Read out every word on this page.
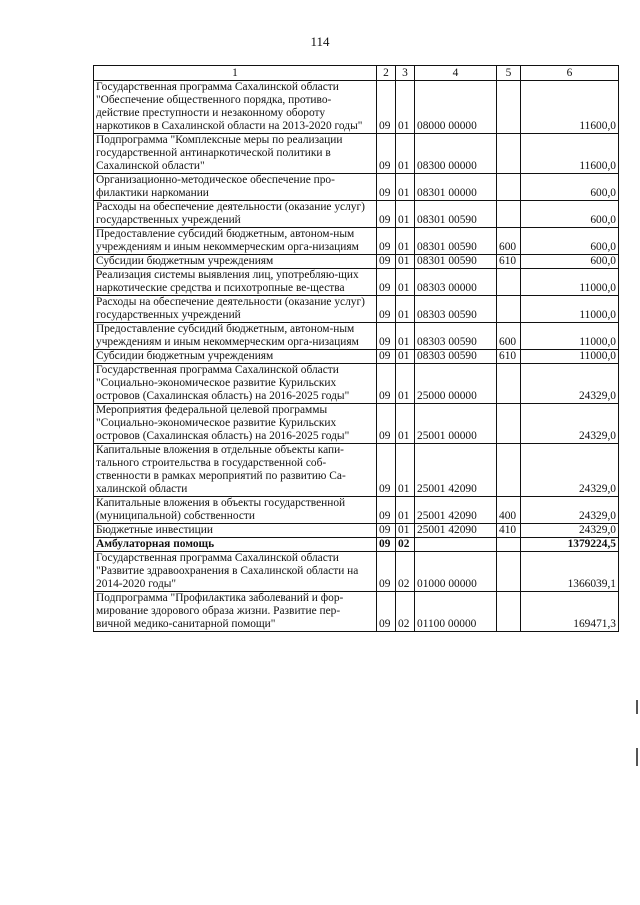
114
1	2	3	4	5	6
Государственная программа Сахалинской области "Обеспечение общественного порядка, противо-действие преступности и незаконному обороту наркотиков в Сахалинской области на 2013-2020 годы"	09	01	08000 00000		11600,0
Подпрограмма "Комплексные меры по реализации государственной антинаркотической политики в Сахалинской области"	09	01	08300 00000		11600,0
Организационно-методическое обеспечение про-филактики наркомании	09	01	08301 00000		600,0
Расходы на обеспечение деятельности (оказание услуг) государственных учреждений	09	01	08301 00590		600,0
Предоставление субсидий бюджетным, автоном-ным учреждениям и иным некоммерческим орга-низациям	09	01	08301 00590	600	600,0
Субсидии бюджетным учреждениям	09	01	08301 00590	610	600,0
Реализация системы выявления лиц, употребляю-щих наркотические средства и психотропные ве-щества	09	01	08303 00000		11000,0
Расходы на обеспечение деятельности (оказание услуг) государственных учреждений	09	01	08303 00590		11000,0
Предоставление субсидий бюджетным, автоном-ным учреждениям и иным некоммерческим орга-низациям	09	01	08303 00590	600	11000,0
Субсидии бюджетным учреждениям	09	01	08303 00590	610	11000,0
Государственная программа Сахалинской области "Социально-экономическое развитие Курильских островов (Сахалинская область) на 2016-2025 годы"	09	01	25000 00000		24329,0
Мероприятия федеральной целевой программы "Социально-экономическое развитие Курильских островов (Сахалинская область) на 2016-2025 годы"	09	01	25001 00000		24329,0
Капитальные вложения в отдельные объекты капи-тального строительства в государственной соб-ственности в рамках мероприятий по развитию Са-халинской области	09	01	25001 42090		24329,0
Капитальные вложения в объекты государственной (муниципальной) собственности	09	01	25001 42090	400	24329,0
Бюджетные инвестиции	09	01	25001 42090	410	24329,0
Амбулаторная помощь	09	02			1379224,5
Государственная программа Сахалинской области "Развитие здравоохранения в Сахалинской области на 2014-2020 годы"	09	02	01000 00000		1366039,1
Подпрограмма "Профилактика заболеваний и фор-мирование здорового образа жизни. Развитие пер-вичной медико-санитарной помощи"	09	02	01100 00000		169471,3
